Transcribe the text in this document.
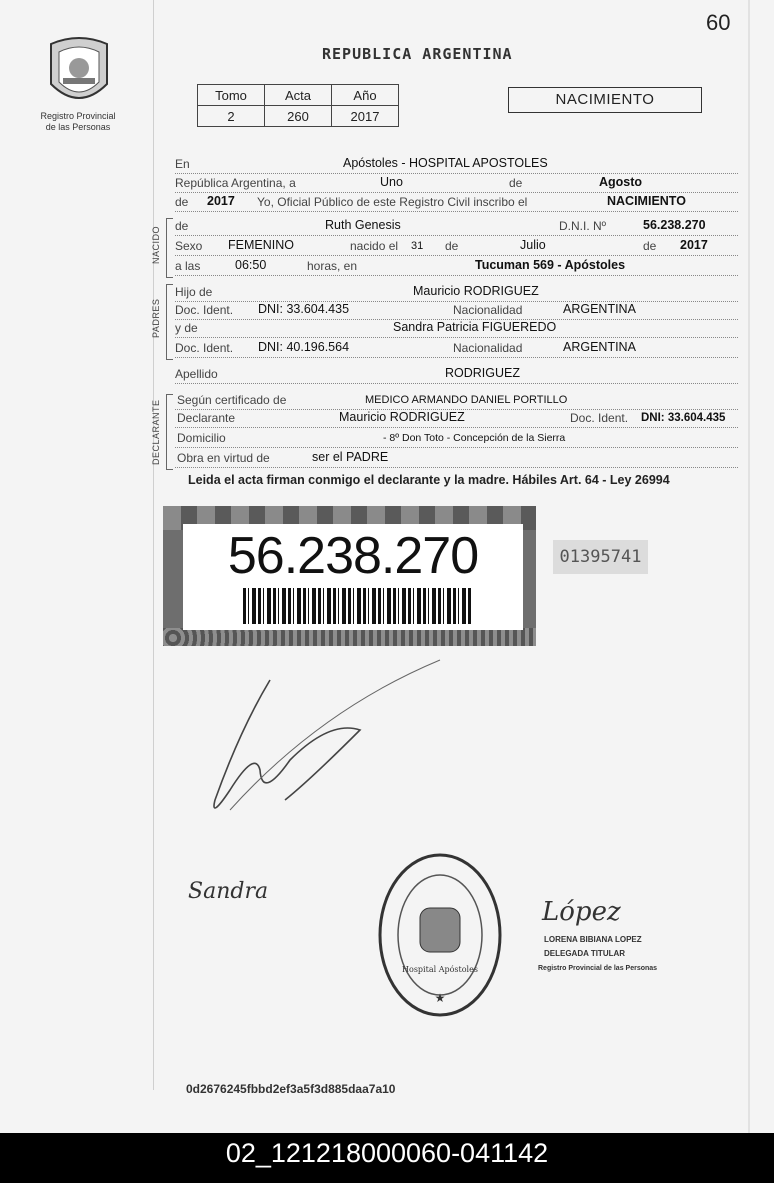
60
Registro Provincial
de las Personas
REPUBLICA ARGENTINA
Tomo	Acta	Año
2	260	2017
NACIMIENTO
En	Apóstoles - HOSPITAL APOSTOLES
República Argentina, a	Uno	de	Agosto
de 2017 Yo, Oficial Público de este Registro Civil inscribo el	NACIMIENTO
de	Ruth Genesis	D.N.I. Nº	56.238.270
Sexo FEMENINO	nacido el 31 de	Julio	de 2017
a las	06:50	horas, en	Tucuman 569 - Apóstoles
Hijo de	Mauricio RODRIGUEZ
Doc. Ident. DNI: 33.604.435	Nacionalidad	ARGENTINA
y de	Sandra Patricia FIGUEREDO
Doc. Ident. DNI: 40.196.564	Nacionalidad	ARGENTINA
Apellido	RODRIGUEZ
Según certificado de	MEDICO ARMANDO DANIEL PORTILLO
Declarante	Mauricio RODRIGUEZ	Doc. Ident. DNI: 33.604.435
Domicilio	- 8º Don Toto - Concepción de la Sierra
Obra en virtud de	ser el PADRE
NACIDO
PADRES
DECLARANTE
Leida el acta firman conmigo el declarante y la madre. Hábiles Art. 64 - Ley 26994
56.238.270	01395741
Sandra
Hospital Apóstoles
★
López
LORENA BIBIANA LOPEZ
DELEGADA TITULAR
Registro Provincial de las Personas
0d2676245fbbd2ef3a5f3d885daa7a10
02_121218000060-041142
